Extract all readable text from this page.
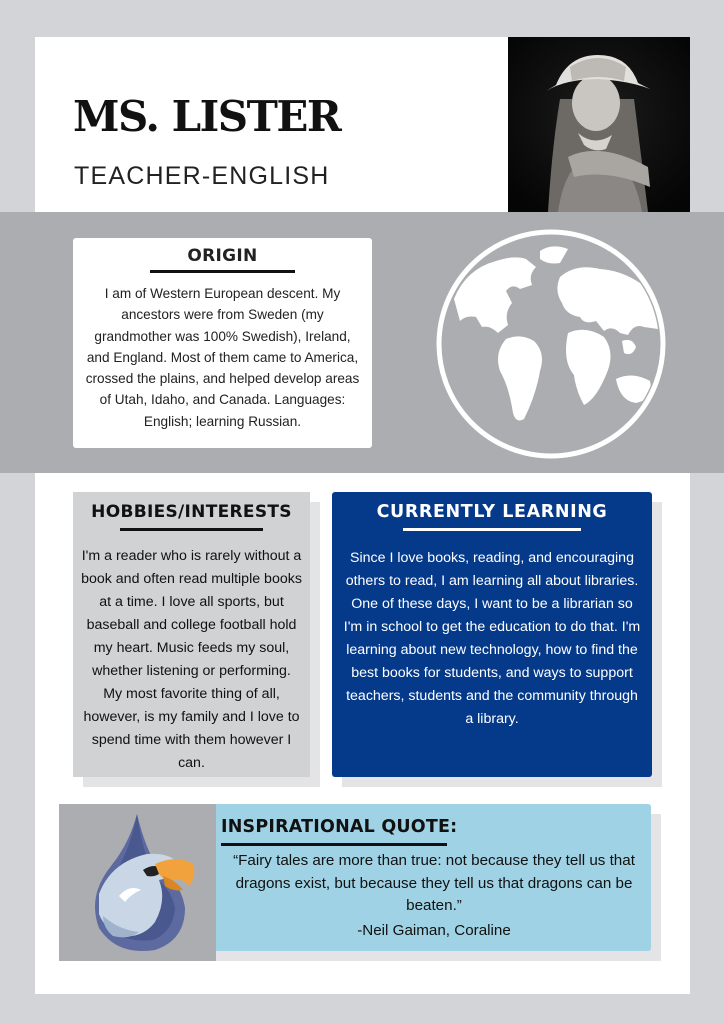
MS. LISTER
TEACHER-ENGLISH
ORIGIN

I am of Western European descent. My ancestors were from Sweden (my grandmother was 100% Swedish), Ireland, and England. Most of them came to America, crossed the plains, and helped develop areas of Utah, Idaho, and Canada. Languages: English; learning Russian.

HOBBIES/INTERESTS

I'm a reader who is rarely without a book and often read multiple books at a time. I love all sports, but baseball and college football hold my heart. Music feeds my soul, whether listening or performing. My most favorite thing of all, however, is my family and I love to spend time with them however I can.

CURRENTLY LEARNING

Since I love books, reading, and encouraging others to read, I am learning all about libraries. One of these days, I want to be a librarian so I'm in school to get the education to do that. I'm learning about new technology, how to find the best books for students, and ways to support teachers, students and the community through a library.

INSPIRATIONAL QUOTE:

“Fairy tales are more than true: not because they tell us that dragons exist, but because they tell us that dragons can be beaten.”

-Neil Gaiman, Coraline
